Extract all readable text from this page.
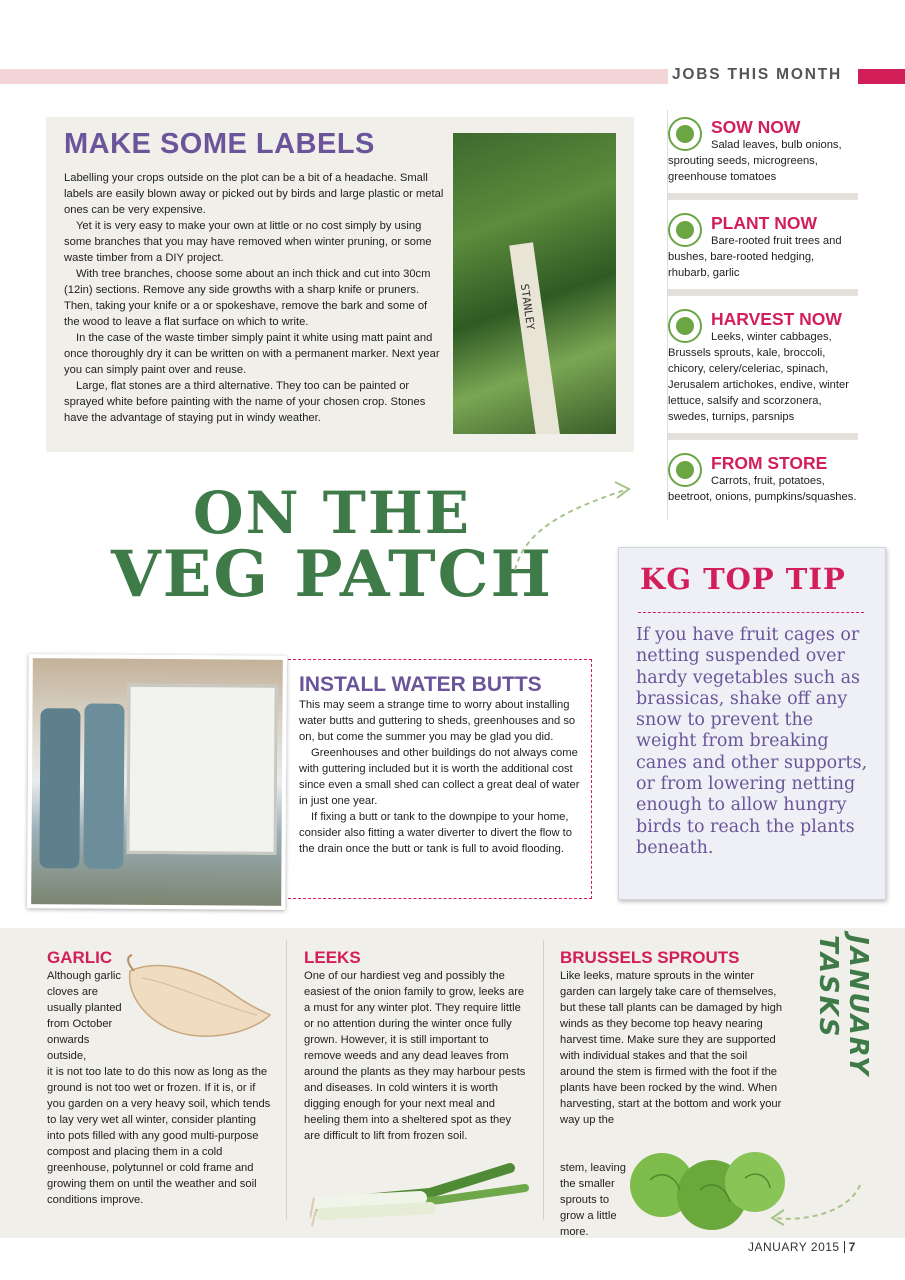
JOBS THIS MONTH
MAKE SOME LABELS

Labelling your crops outside on the plot can be a bit of a headache. Small labels are easily blown away or picked out by birds and large plastic or metal ones can be very expensive.

Yet it is very easy to make your own at little or no cost simply by using some branches that you may have removed when winter pruning, or some waste timber from a DIY project.

With tree branches, choose some about an inch thick and cut into 30cm (12in) sections. Remove any side growths with a sharp knife or pruners. Then, taking your knife or a or spokeshave, remove the bark and some of the wood to leave a flat surface on which to write.

In the case of the waste timber simply paint it white using matt paint and once thoroughly dry it can be written on with a permanent marker. Next year you can simply paint over and reuse.

Large, flat stones are a third alternative. They too can be painted or sprayed white before painting with the name of your chosen crop. Stones have the advantage of staying put in windy weather.

STANLEY
SOW NOW
Salad leaves, bulb onions, sprouting seeds, microgreens, greenhouse tomatoes
PLANT NOW
Bare-rooted fruit trees and bushes, bare-rooted hedging, rhubarb, garlic
HARVEST NOW
Leeks, winter cabbages, Brussels sprouts, kale, broccoli, chicory, celery/celeriac, spinach, Jerusalem artichokes, endive, winter lettuce, salsify and scorzonera, swedes, turnips, parsnips
FROM STORE
Carrots, fruit, potatoes, beetroot, onions, pumpkins/squashes.
ON THE
VEG PATCH
INSTALL WATER BUTTS

This may seem a strange time to worry about installing water butts and guttering to sheds, greenhouses and so on, but come the summer you may be glad you did.

Greenhouses and other buildings do not always come with guttering included but it is worth the additional cost since even a small shed can collect a great deal of water in just one year.

If fixing a butt or tank to the downpipe to your home, consider also fitting a water diverter to divert the flow to the drain once the butt or tank is full to avoid flooding.

KG TOP TIP
If you have fruit cages or netting suspended over hardy vegetables such as brassicas, shake off any snow to prevent the weight from breaking canes and other supports, or from lowering netting enough to allow hungry birds to reach the plants beneath.
GARLIC

Although garlic cloves are usually planted from October onwards outside,

it is not too late to do this now as long as the ground is not too wet or frozen. If it is, or if you garden on a very heavy soil, which tends to lay very wet all winter, consider planting into pots filled with any good multi-purpose compost and placing them in a cold greenhouse, polytunnel or cold frame and growing them on until the weather and soil conditions improve.

LEEKS

One of our hardiest veg and possibly the easiest of the onion family to grow, leeks are a must for any winter plot. They require little or no attention during the winter once fully grown. However, it is still important to remove weeds and any dead leaves from around the plants as they may harbour pests and diseases. In cold winters it is worth digging enough for your next meal and heeling them into a sheltered spot as they are difficult to lift from frozen soil.

BRUSSELS SPROUTS

Like leeks, mature sprouts in the winter garden can largely take care of themselves, but these tall plants can be damaged by high winds as they become top heavy nearing harvest time. Make sure they are supported with individual stakes and that the soil around the stem is firmed with the foot if the plants have been rocked by the wind. When harvesting, start at the bottom and work your way up the

stem, leaving the smaller sprouts to grow a little more.

JANUARY TASKS
JANUARY 2015 7
